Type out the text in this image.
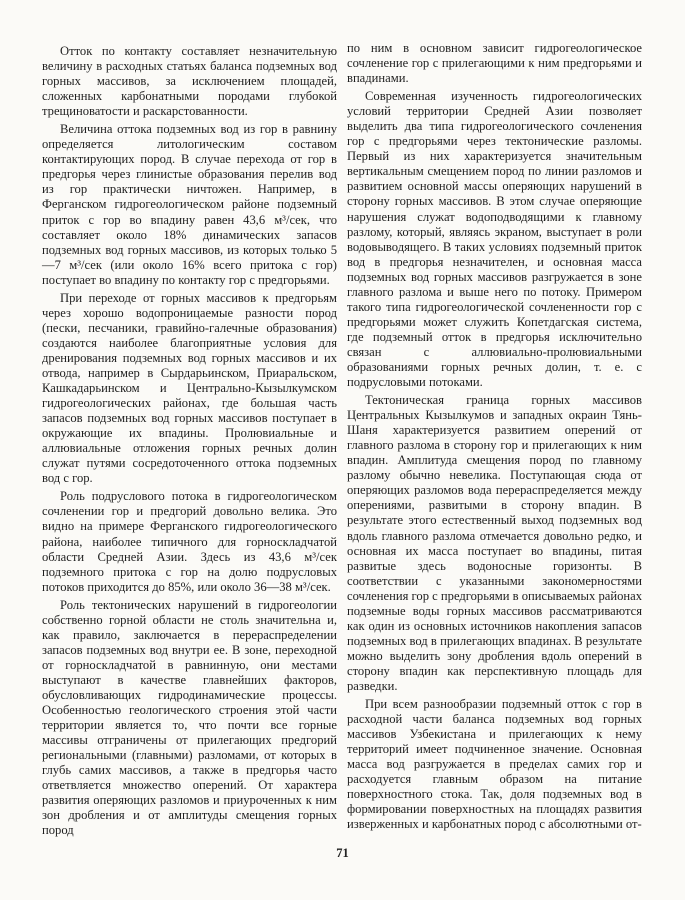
Отток по контакту составляет незначительную величину в расходных статьях баланса подземных вод горных массивов, за исключением площадей, сложенных карбонатными породами глубокой трещиноватости и раскарстованности.

Величина оттока подземных вод из гор в равнину определяется литологическим составом контактирующих пород. В случае перехода от гор в предгорья через глинистые образования перелив вод из гор практически ничтожен. Например, в Ферганском гидрогеологическом районе подземный приток с гор во впадину равен 43,6 м³/сек, что составляет около 18% динамических запасов подземных вод горных массивов, из которых только 5—7 м³/сек (или около 16% всего притока с гор) поступает во впадину по контакту гор с предгорьями.

При переходе от горных массивов к предгорьям через хорошо водопроницаемые разности пород (пески, песчаники, гравийно-галечные образования) создаются наиболее благоприятные условия для дренирования подземных вод горных массивов и их отвода, например в Сырдарьинском, Приаральском, Кашкадарьинском и Центрально-Кызылкумском гидрогеологических районах, где большая часть запасов подземных вод горных массивов поступает в окружающие их впадины. Пролювиальные и аллювиальные отложения горных речных долин служат путями сосредоточенного оттока подземных вод с гор.

Роль подруслового потока в гидрогеологическом сочленении гор и предгорий довольно велика. Это видно на примере Ферганского гидрогеологического района, наиболее типичного для горноскладчатой области Средней Азии. Здесь из 43,6 м³/сек подземного притока с гор на долю подрусловых потоков приходится до 85%, или около 36—38 м³/сек.

Роль тектонических нарушений в гидрогеологии собственно горной области не столь значительна и, как правило, заключается в перераспределении запасов подземных вод внутри ее. В зоне, переходной от горноскладчатой в равнинную, они местами выступают в качестве главнейших факторов, обусловливающих гидродинамические процессы. Особенностью геологического строения этой части территории является то, что почти все горные массивы отграничены от прилегающих предгорий региональными (главными) разломами, от которых в глубь самих массивов, а также в предгорья часто ответвляется множество оперений. От характера развития оперяющих разломов и приуроченных к ним зон дробления и от амплитуды смещения горных пород

по ним в основном зависит гидрогеологическое сочленение гор с прилегающими к ним предгорьями и впадинами.

Современная изученность гидрогеологических условий территории Средней Азии позволяет выделить два типа гидрогеологического сочленения гор с предгорьями через тектонические разломы. Первый из них характеризуется значительным вертикальным смещением пород по линии разломов и развитием основной массы оперяющих нарушений в сторону горных массивов. В этом случае оперяющие нарушения служат водоподводящими к главному разлому, который, являясь экраном, выступает в роли водовыводящего. В таких условиях подземный приток вод в предгорья незначителен, и основная масса подземных вод горных массивов разгружается в зоне главного разлома и выше него по потоку. Примером такого типа гидрогеологической сочлененности гор с предгорьями может служить Копетдагская система, где подземный отток в предгорья исключительно связан с аллювиально-пролювиальными образованиями горных речных долин, т. е. с подрусловыми потоками.

Тектоническая граница горных массивов Центральных Кызылкумов и западных окраин Тянь-Шаня характеризуется развитием оперений от главного разлома в сторону гор и прилегающих к ним впадин. Амплитуда смещения пород по главному разлому обычно невелика. Поступающая сюда от оперяющих разломов вода перераспределяется между оперениями, развитыми в сторону впадин. В результате этого естественный выход подземных вод вдоль главного разлома отмечается довольно редко, и основная их масса поступает во впадины, питая развитые здесь водоносные горизонты. В соответствии с указанными закономерностями сочленения гор с предгорьями в описываемых районах подземные воды горных массивов рассматриваются как один из основных источников накопления запасов подземных вод в прилегающих впадинах. В результате можно выделить зону дробления вдоль оперений в сторону впадин как перспективную площадь для разведки.

При всем разнообразии подземный отток с гор в расходной части баланса подземных вод горных массивов Узбекистана и прилегающих к нему территорий имеет подчиненное значение. Основная масса вод разгружается в пределах самих гор и расходуется главным образом на питание поверхностного стока. Так, доля подземных вод в формировании поверхностных на площадях развития изверженных и карбонатных пород с абсолютными от-

71
